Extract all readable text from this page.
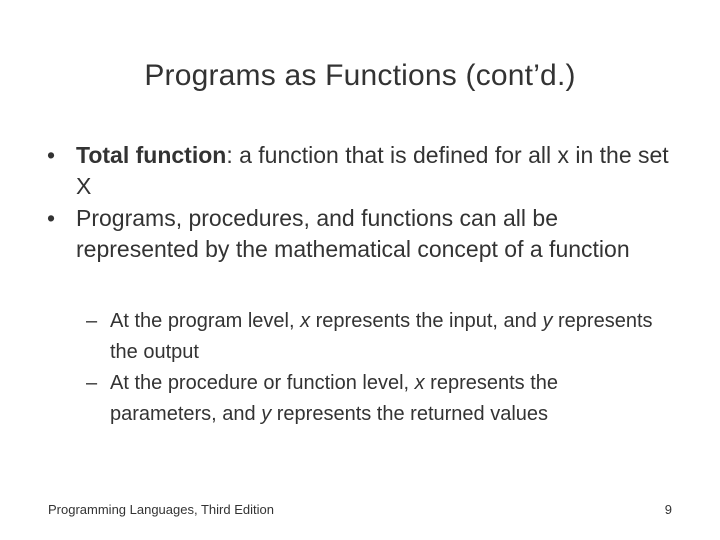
Programs as Functions (cont’d.)
• Total function: a function that is defined for all x in the set X
• Programs, procedures, and functions can all be represented by the mathematical concept of a function
– At the program level, x represents the input, and y represents the output
– At the procedure or function level, x represents the parameters, and y represents the returned values
Programming Languages, Third Edition	9
